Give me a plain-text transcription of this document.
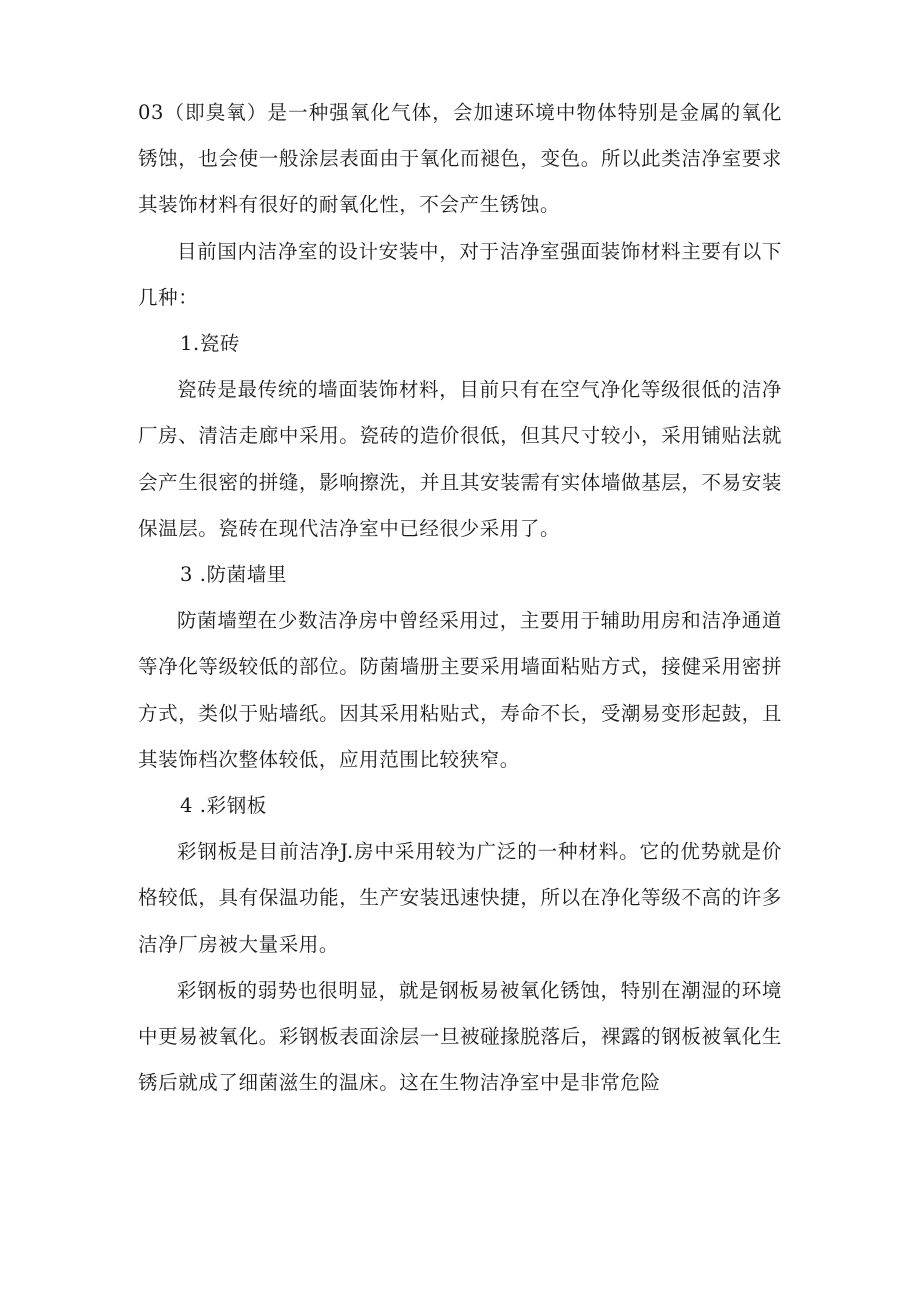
03（即臭氧）是一种强氧化气体，会加速环境中物体特别是金属的氧化锈蚀，也会使一般涂层表面由于氧化而褪色，变色。所以此类洁净室要求其装饰材料有很好的耐氧化性，不会产生锈蚀。

目前国内洁净室的设计安装中，对于洁净室强面装饰材料主要有以下几种：

1.瓷砖

瓷砖是最传统的墙面装饰材料，目前只有在空气净化等级很低的洁净厂房、清洁走廊中采用。瓷砖的造价很低，但其尺寸较小，采用铺贴法就会产生很密的拼缝，影响擦洗，并且其安装需有实体墙做基层，不易安装保温层。瓷砖在现代洁净室中已经很少采用了。

3 .防菌墙里

防菌墙塑在少数洁净房中曾经采用过，主要用于辅助用房和洁净通道等净化等级较低的部位。防菌墙册主要采用墙面粘贴方式，接健采用密拼方式，类似于贴墙纸。因其采用粘贴式，寿命不长，受潮易变形起鼓，且其装饰档次整体较低，应用范围比较狭窄。

4 .彩钢板

彩钢板是目前洁净J.房中采用较为广泛的一种材料。它的优势就是价格较低，具有保温功能，生产安装迅速快捷，所以在净化等级不高的许多洁净厂房被大量采用。

彩钢板的弱势也很明显，就是钢板易被氧化锈蚀，特别在潮湿的环境中更易被氧化。彩钢板表面涂层一旦被碰掾脱落后，裸露的钢板被氧化生锈后就成了细菌滋生的温床。这在生物洁净室中是非常危险
